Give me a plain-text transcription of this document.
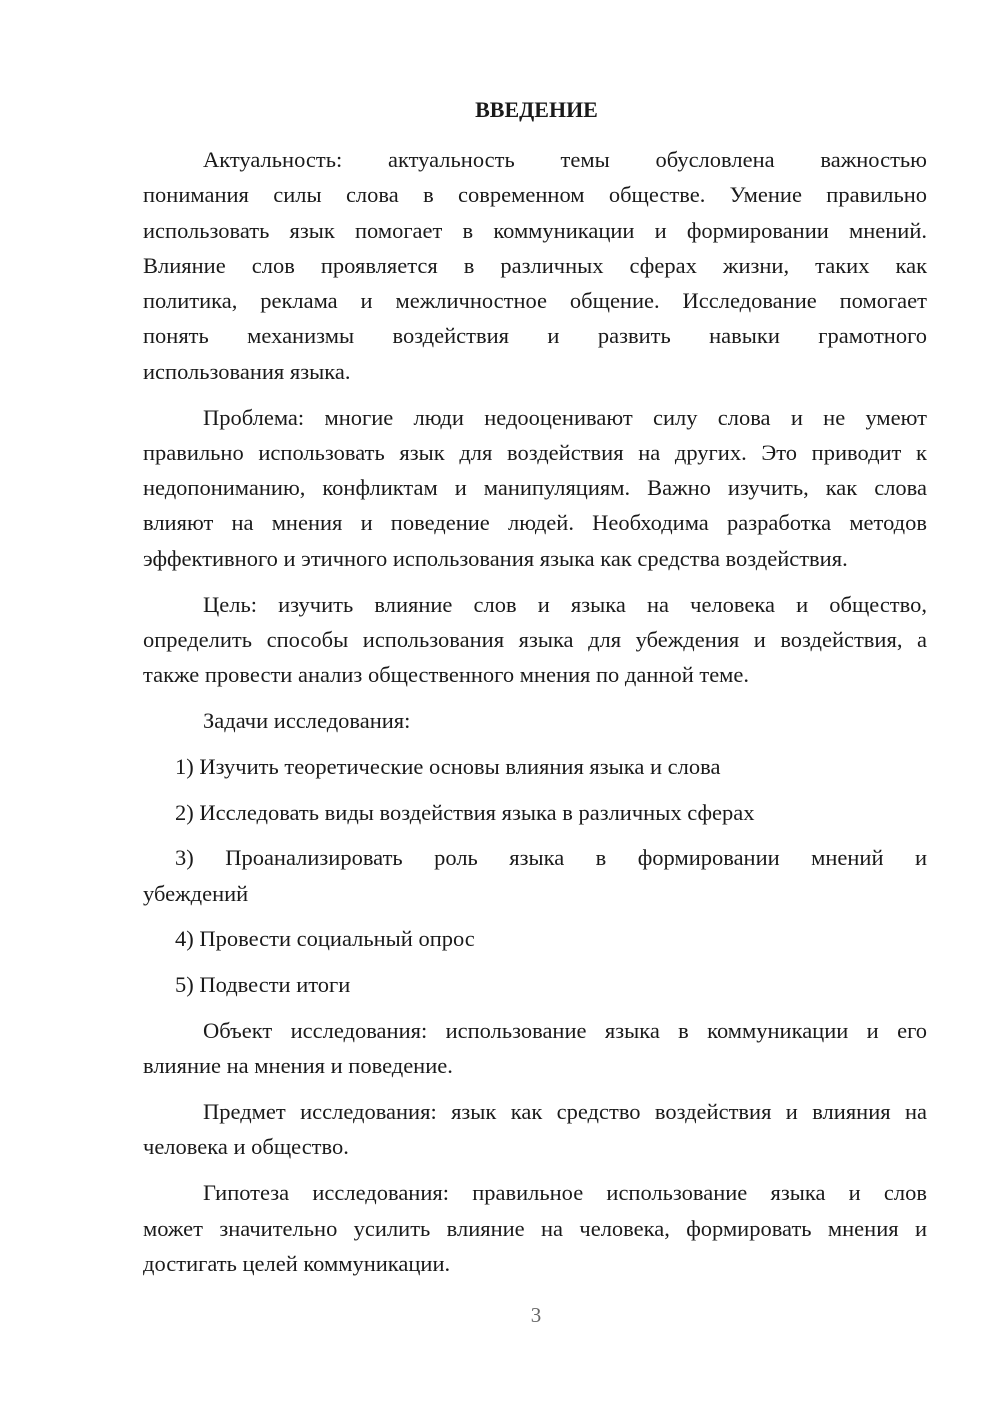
ВВЕДЕНИЕ
Актуальность: актуальность темы обусловлена важностью
понимания силы слова в современном обществе. Умение правильно
использовать язык помогает в коммуникации и формировании мнений.
Влияние слов проявляется в различных сферах жизни, таких как
политика, реклама и межличностное общение. Исследование помогает
понять механизмы воздействия и развить навыки грамотного
использования языка.
Проблема: многие люди недооценивают силу слова и не умеют
правильно использовать язык для воздействия на других. Это приводит к
недопониманию, конфликтам и манипуляциям. Важно изучить, как слова
влияют на мнения и поведение людей. Необходима разработка методов
эффективного и этичного использования языка как средства воздействия.
Цель: изучить влияние слов и языка на человека и общество,
определить способы использования языка для убеждения и воздействия, а
также провести анализ общественного мнения по данной теме.
Задачи исследования:
1) Изучить теоретические основы влияния языка и слова
2) Исследовать виды воздействия языка в различных сферах
3) Проанализировать роль языка в формировании мнений и
убеждений
4) Провести социальный опрос
5) Подвести итоги
Объект исследования: использование языка в коммуникации и его
влияние на мнения и поведение.
Предмет исследования: язык как средство воздействия и влияния на
человека и общество.
Гипотеза исследования: правильное использование языка и слов
может значительно усилить влияние на человека, формировать мнения и
достигать целей коммуникации.
3
